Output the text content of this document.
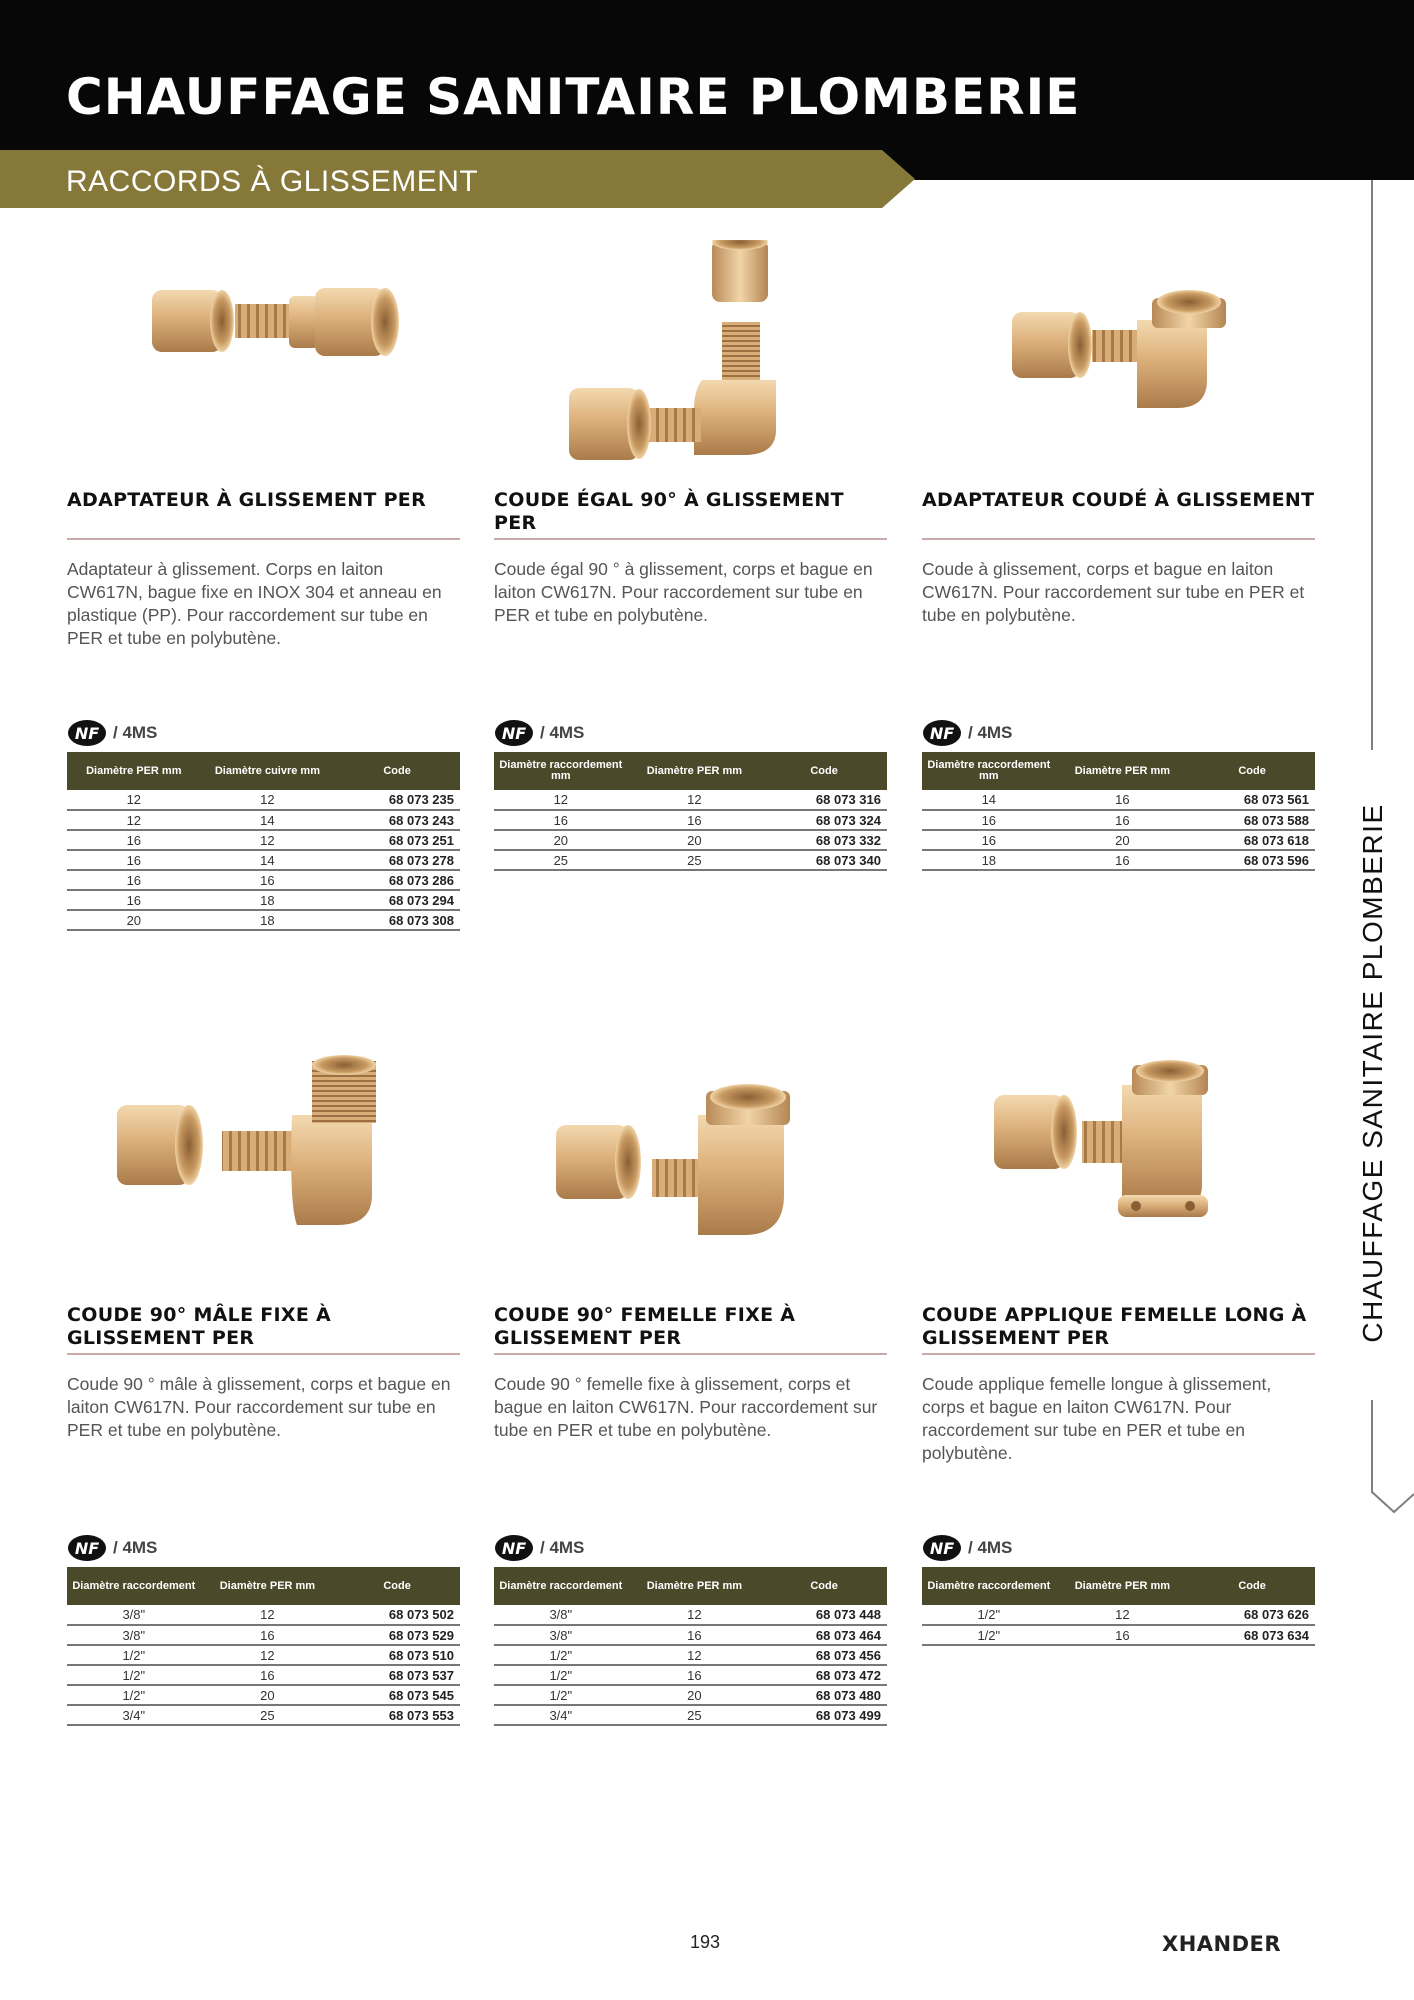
CHAUFFAGE SANITAIRE PLOMBERIE
RACCORDS À GLISSEMENT
CHAUFFAGE SANITAIRE PLOMBERIE
ADAPTATEUR À GLISSEMENT PER

Adaptateur à glissement. Corps en laiton CW617N, bague fixe en INOX 304 et anneau en plastique (PP). Pour raccordement sur tube en PER et tube en polybutène.

NF / 4MS
Diamètre PER mm	Diamètre cuivre mm	Code
12	12	68 073 235
12	14	68 073 243
16	12	68 073 251
16	14	68 073 278
16	16	68 073 286
16	18	68 073 294
20	18	68 073 308
COUDE ÉGAL 90° À GLISSEMENT PER

Coude égal 90 ° à glissement, corps et bague en laiton CW617N. Pour raccordement sur tube en PER et tube en polybutène.

NF / 4MS
Diamètre raccordement mm	Diamètre PER mm	Code
12	12	68 073 316
16	16	68 073 324
20	20	68 073 332
25	25	68 073 340
ADAPTATEUR COUDÉ À GLISSEMENT

Coude à glissement, corps et bague en laiton CW617N. Pour raccordement sur tube en PER et tube en polybutène.

NF / 4MS
Diamètre raccordement mm	Diamètre PER mm	Code
14	16	68 073 561
16	16	68 073 588
16	20	68 073 618
18	16	68 073 596
COUDE 90° MÂLE FIXE À GLISSEMENT PER

Coude 90 ° mâle à glissement, corps et bague en laiton CW617N. Pour raccordement sur tube en PER et tube en polybutène.

NF / 4MS
Diamètre raccordement	Diamètre PER mm	Code
3/8"	12	68 073 502
3/8"	16	68 073 529
1/2"	12	68 073 510
1/2"	16	68 073 537
1/2"	20	68 073 545
3/4"	25	68 073 553
COUDE 90° FEMELLE FIXE À GLISSEMENT PER

Coude 90 ° femelle fixe à glissement, corps et bague en laiton CW617N. Pour raccordement sur tube en PER et tube en polybutène.

NF / 4MS
Diamètre raccordement	Diamètre PER mm	Code
3/8"	12	68 073 448
3/8"	16	68 073 464
1/2"	12	68 073 456
1/2"	16	68 073 472
1/2"	20	68 073 480
3/4"	25	68 073 499
COUDE APPLIQUE FEMELLE LONG À GLISSEMENT PER

Coude applique femelle longue à glissement, corps et bague en laiton CW617N. Pour raccordement sur tube en PER et tube en polybutène.

NF / 4MS
Diamètre raccordement	Diamètre PER mm	Code
1/2"	12	68 073 626
1/2"	16	68 073 634
193	XHANDER
